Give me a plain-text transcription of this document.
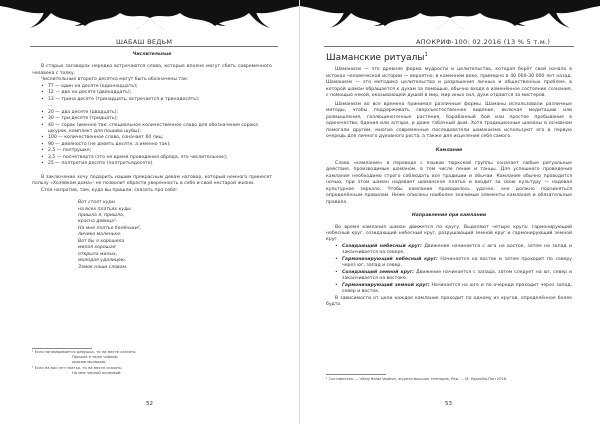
ШАБАШ ВЕДЬМ

Числительные

В старых заговорах нередко встречаются слова, которые вполне могут сбить современного человека с толку.

Числительные второго десятка могут быть обозначены так:

• TT — один на десяте (одиннадцать);
• 12 — два на десяте (двенадцать);
• 13 — трина десяте (тринадцать, встречается и тринадесять);
…
• 20 — два десяте (двадцать);
• 30 — три десяте (тридцать);
• 40 — сорок (именно так: специальное количественное слово для обозначения сорока шкурок, комплект для пошива шубы);
• 100 — количественное слово, означает 60 лиц;
• 90 — девяносто (не девять десяте, а именно так);
• 2,5 — полтрушке;
• 3,5 — полчетверта (это не время проведения обряда, это числительное);
• 25 — полтретия десяте (полтретьядесяте).

В заключение хочу подарить нашим прекрасным девам наговор, который немного принесет пользу «Хозяйкам дома»: не позволит обрести уверенность в себе и свой нестарой жизни.

Стоя напротив, там, куда вы пришли, сказать про себя:

Вот стоят куры

на всех платьях куды

пришла я, пришла,

красна девица¹.

На мне платье белёньки²,

личико маленьке.

Вот бы я хорошела

милая хорошая

открыла милых,

молодая удалицею.

Замок наши словам.

¹ Если заговаривается девушка, то на месте сказать:

Пришла я таже чайкою

красою молодою.

² Если на вас нет платья, то на месте сказать:

На мне черной полеивой.

52
АПОКРИФ-100: 02.2016 (13 % 5 т.м.)

Шаманские ритуалы$^1$

Шаманизм — это древняя форма мудрости и целительства, которая берёт свой начало в истоках человеческой истории — вероятно, в каменном веке, примерно в 40 000-30 000 лет назад. Шаманизм — это методика целительства и разрешения личных и общественных проблем, в которой шаман обращается к духам за помощью, обычно входя в изменённое состояние сознания, с помощью некой, оказывающей душой в мир, мир иных сил, духи отдаются за мистеров.

Шаманизм во все времена принимал различные формы. Шаманы использовали различные методы, чтобы поддерживать сверхъестественное видение, включая медитацию или размышления, галлюциногенные растения, барабанный бой или простое пребывание в одиночестве, бдения или алтари, и даже табачный дым. Хотя традиционные шаманы в основном помогали другим, многие современные последователи шаманизма используют его в первую очередь для личного духовного роста, а также для исцеления себя самого.

Камлание

Слово «камлание» в переводе с языков тюркской группы означает любые ритуальные действия, производимые шаманом, в том числе пение и танцы. Для успешного проведения камлания необходимо строго соблюдать все традиции и обычаи. Камлание обычно проводится ночью, при этом шаман надевает шаманское платье и входит за свою культуру — надевая культурное зеркало. Чтобы камлание проводилось удачно, оно должно подчиняться определённым правилам. Ниже описаны наиболее значимые элементы камлания и обязательные правила.

Направления при камлании

Во время камлания шаман движется по кругу. Выделяют четыре круга: гармонирующий небесный круг, созидающий небесный круг, разрушающий земной круг и гармонирующий земной круг.

• Созидающий небесный круг: Движение начинается с юга на восток, затем на запад и заканчивается на севере.
• Гармонизирующий небесный круг: Начинается на восток и затем проходит по северу через юг, запад и север.
• Созидающий земной круг: Движение начинается с запада, затем следует на юг, север и заканчивается на востоке.
• Гармонизирующий земной круг: Начинается на юге и по очереди проходит через запад, север и восток.

В зависимости от цели каждое камлание проходит по одному из кругов, определённое более будто.

¹ Составитель — Vitaly Balaz Vadova, журнал высших тенноров, Ред. — М. Удальба-Пон 2016.
53
